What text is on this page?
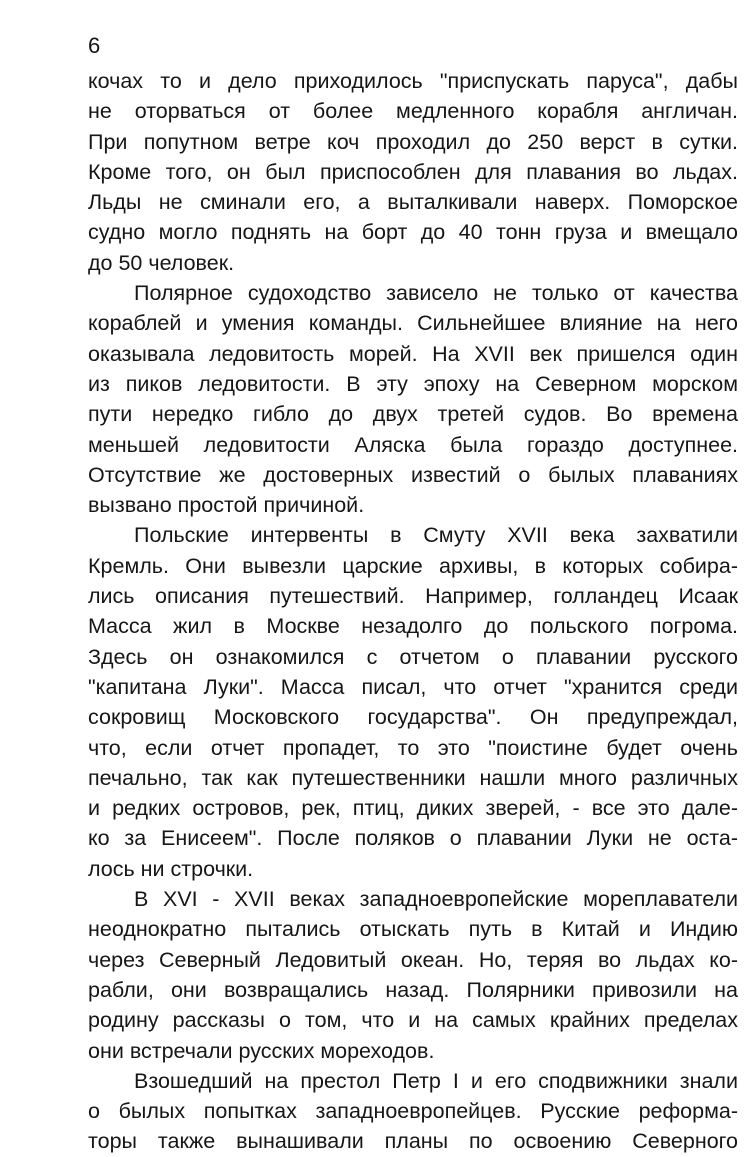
6
кочах то и дело приходилось "приспускать паруса", дабы
не оторваться от более медленного корабля англичан.
При попутном ветре коч проходил до 250 верст в сутки.
Кроме того, он был приспособлен для плавания во льдах.
Льды не сминали его, а выталкивали наверх. Поморское
судно могло поднять на борт до 40 тонн груза и вмещало
до 50 человек.
Полярное судоходство зависело не только от качества
кораблей и умения команды. Сильнейшее влияние на него
оказывала ледовитость морей. На XVII век пришелся один
из пиков ледовитости. В эту эпоху на Северном морском
пути нередко гибло до двух третей судов. Во времена
меньшей ледовитости Аляска была гораздо доступнее.
Отсутствие же достоверных известий о былых плаваниях
вызвано простой причиной.
Польские интервенты в Смуту XVII века захватили
Кремль. Они вывезли царские архивы, в которых собира-
лись описания путешествий. Например, голландец Исаак
Масса жил в Москве незадолго до польского погрома.
Здесь он ознакомился с отчетом о плавании русского
"капитана Луки". Масса писал, что отчет "хранится среди
сокровищ Московского государства". Он предупреждал,
что, если отчет пропадет, то это "поистине будет очень
печально, так как путешественники нашли много различных
и редких островов, рек, птиц, диких зверей, - все это дале-
ко за Енисеем". После поляков о плавании Луки не оста-
лось ни строчки.
В XVI - XVII веках западноевропейские мореплаватели
неоднократно пытались отыскать путь в Китай и Индию
через Северный Ледовитый океан. Но, теряя во льдах ко-
рабли, они возвращались назад. Полярники привозили на
родину рассказы о том, что и на самых крайних пределах
они встречали русских мореходов.
Взошедший на престол Петр I и его сподвижники знали
о былых попытках западноевропейцев. Русские реформа-
торы также вынашивали планы по освоению Северного
